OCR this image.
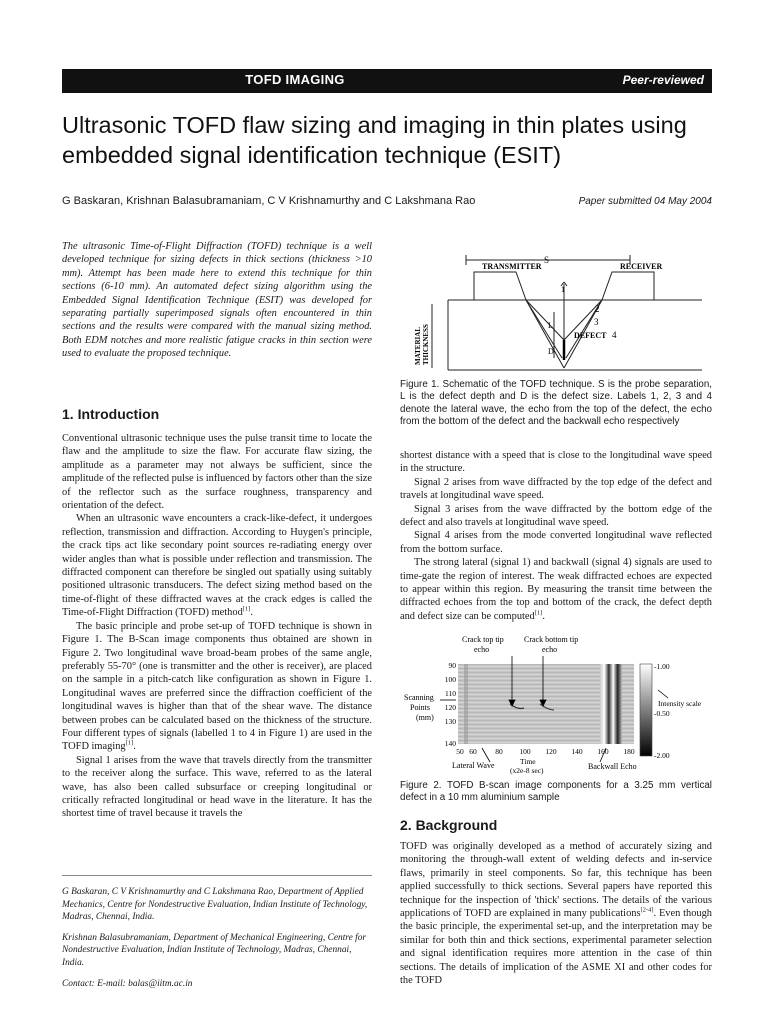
TOFD IMAGING	Peer-reviewed
Ultrasonic TOFD flaw sizing and imaging in thin plates using embedded signal identification technique (ESIT)
G Baskaran, Krishnan Balasubramaniam, C V Krishnamurthy and C Lakshmana Rao	Paper submitted 04 May 2004

The ultrasonic Time-of-Flight Diffraction (TOFD) technique is a well developed technique for sizing defects in thick sections (thickness >10 mm). Attempt has been made here to extend this technique for thin sections (6-10 mm). An automated defect sizing algorithm using the Embedded Signal Identification Technique (ESIT) was developed for separating partially superimposed signals often encountered in thin sections and the results were compared with the manual sizing method. Both EDM notches and more realistic fatigue cracks in thin section were used to evaluate the proposed technique.

1. Introduction

Conventional ultrasonic technique uses the pulse transit time to locate the flaw and the amplitude to size the flaw. For accurate flaw sizing, the amplitude as a parameter may not always be sufficient, since the amplitude of the reflected pulse is influenced by factors other than the size of the reflector such as the surface roughness, transparency and orientation of the defect.

When an ultrasonic wave encounters a crack-like-defect, it undergoes reflection, transmission and diffraction. According to Huygen's principle, the crack tips act like secondary point sources re-radiating energy over wider angles than what is possible under reflection and transmission. The diffracted component can therefore be singled out spatially using suitably positioned ultrasonic transducers. The defect sizing method based on the time-of-flight of these diffracted waves at the crack edges is called the Time-of-Flight Diffraction (TOFD) method[1].

The basic principle and probe set-up of TOFD technique is shown in Figure 1. The B-Scan image components thus obtained are shown in Figure 2. Two longitudinal wave broad-beam probes of the same angle, preferably 55-70° (one is transmitter and the other is receiver), are placed on the sample in a pitch-catch like configuration as shown in Figure 1. Longitudinal waves are preferred since the diffraction coefficient of the longitudinal waves is higher than that of the shear wave. The distance between probes can be calculated based on the thickness of the structure. Four different types of signals (labelled 1 to 4 in Figure 1) are used in the TOFD imaging[1].

Signal 1 arises from the wave that travels directly from the transmitter to the receiver along the surface. This wave, referred to as the lateral wave, has also been called subsurface or creeping longitudinal or critically refracted longitudinal or head wave in the literature. It has the shortest time of travel because it travels the

G Baskaran, C V Krishnamurthy and C Lakshmana Rao, Department of Applied Mechanics, Centre for Nondestructive Evaluation, Indian Institute of Technology, Madras, Chennai, India.

Krishnan Balasubramaniam, Department of Mechanical Engineering, Centre for Nondestructive Evaluation, Indian Institute of Technology, Madras, Chennai, India.

Contact: E-mail: balas@iitm.ac.in

TRANSMITTER	RECEIVER
S
L
D
1
2
3
DEFECT 4
MATERIAL THICKNESS
Figure 1. Schematic of the TOFD technique. S is the probe separation, L is the defect depth and D is the defect size. Labels 1, 2, 3 and 4 denote the lateral wave, the echo from the top of the defect, the echo from the bottom of the defect and the backwall echo respectively

shortest distance with a speed that is close to the longitudinal wave speed in the structure.

Signal 2 arises from wave diffracted by the top edge of the defect and travels at longitudinal wave speed.

Signal 3 arises from the wave diffracted by the bottom edge of the defect and also travels at longitudinal wave speed.

Signal 4 arises from the mode converted longitudinal wave reflected from the bottom surface.

The strong lateral (signal 1) and backwall (signal 4) signals are used to time-gate the region of interest. The weak diffracted echoes are expected to appear within this region. By measuring the transit time between the diffracted echoes from the top and bottom of the crack, the defect depth and defect size can be computed[1].

Crack top tip
echo
Crack bottom tip
echo
90
100
110
120
130
140
50 60 80 100 120 140 160 180
Scanning
Points
(mm)
Lateral Wave	Time
(x2e-8 sec)	Backwall Echo
-1.00
-0.50
-2.00
Intensity scale
Figure 2. TOFD B-scan image components for a 3.25 mm vertical defect in a 10 mm aluminium sample
2. Background

TOFD was originally developed as a method of accurately sizing and monitoring the through-wall extent of welding defects and in-service flaws, primarily in steel components. So far, this technique has been applied successfully to thick sections. Several papers have reported this technique for the inspection of 'thick' sections. The details of the various applications of TOFD are explained in many publications[2-4]. Even though the basic principle, the experimental set-up, and the interpretation may be similar for both thin and thick sections, experimental parameter selection and signal identification requires more attention in the case of thin sections. The details of implication of the ASME XI and other codes for the TOFD
